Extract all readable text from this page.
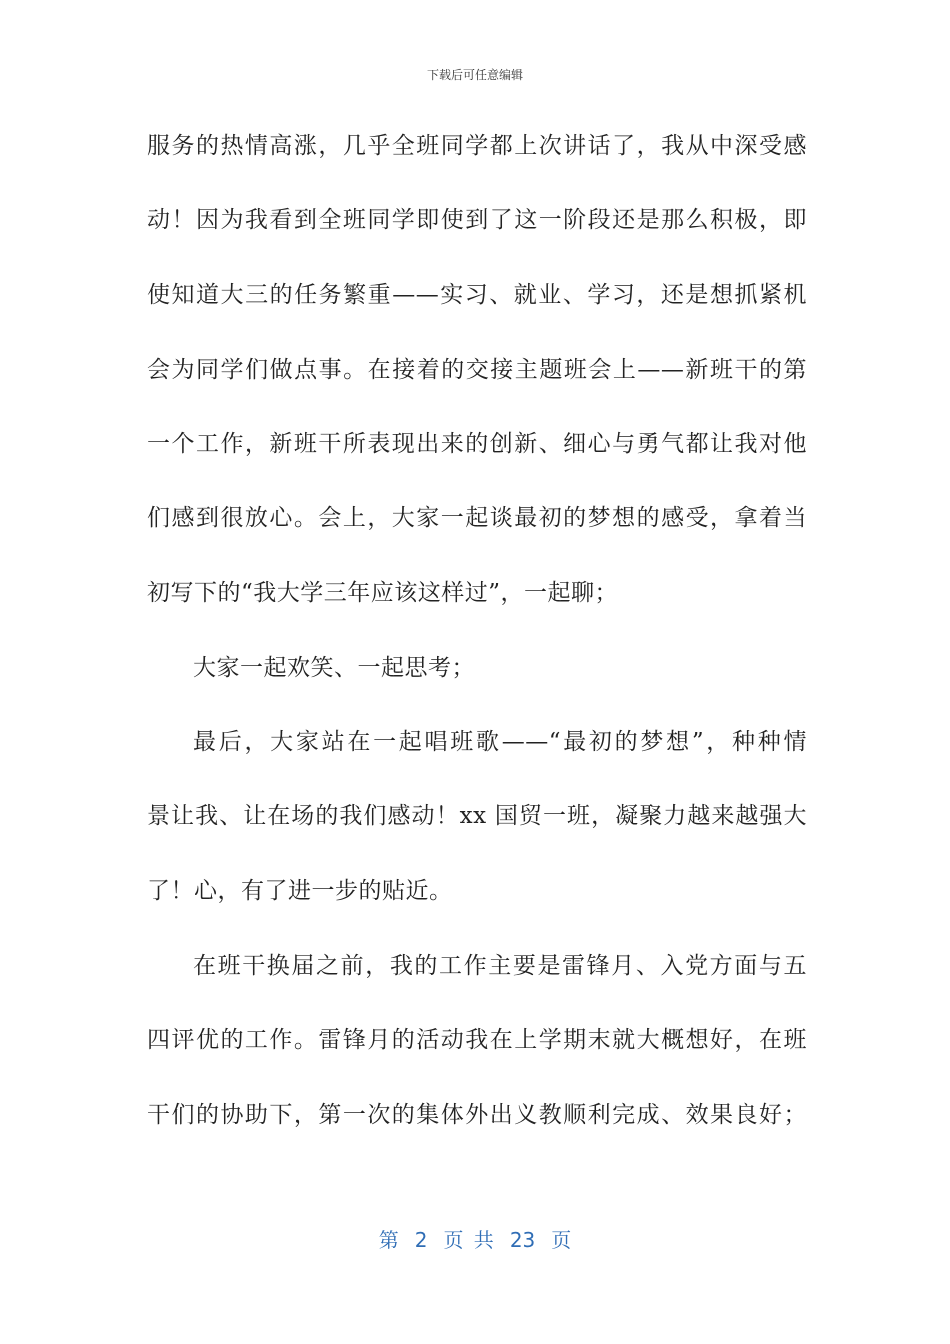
下载后可任意编辑
服务的热情高涨，几乎全班同学都上次讲话了，我从中深受感
动！因为我看到全班同学即使到了这一阶段还是那么积极，即
使知道大三的任务繁重——实习、就业、学习，还是想抓紧机
会为同学们做点事。在接着的交接主题班会上——新班干的第
一个工作，新班干所表现出来的创新、细心与勇气都让我对他
们感到很放心。会上，大家一起谈最初的梦想的感受，拿着当
初写下的“我大学三年应该这样过”，一起聊；
大家一起欢笑、一起思考；
最后，大家站在一起唱班歌——“最初的梦想”，种种情
景让我、让在场的我们感动！xx 国贸一班，凝聚力越来越强大
了！心，有了进一步的贴近。
在班干换届之前，我的工作主要是雷锋月、入党方面与五
四评优的工作。雷锋月的活动我在上学期末就大概想好，在班
干们的协助下，第一次的集体外出义教顺利完成、效果良好；
第 2 页 共 23 页
